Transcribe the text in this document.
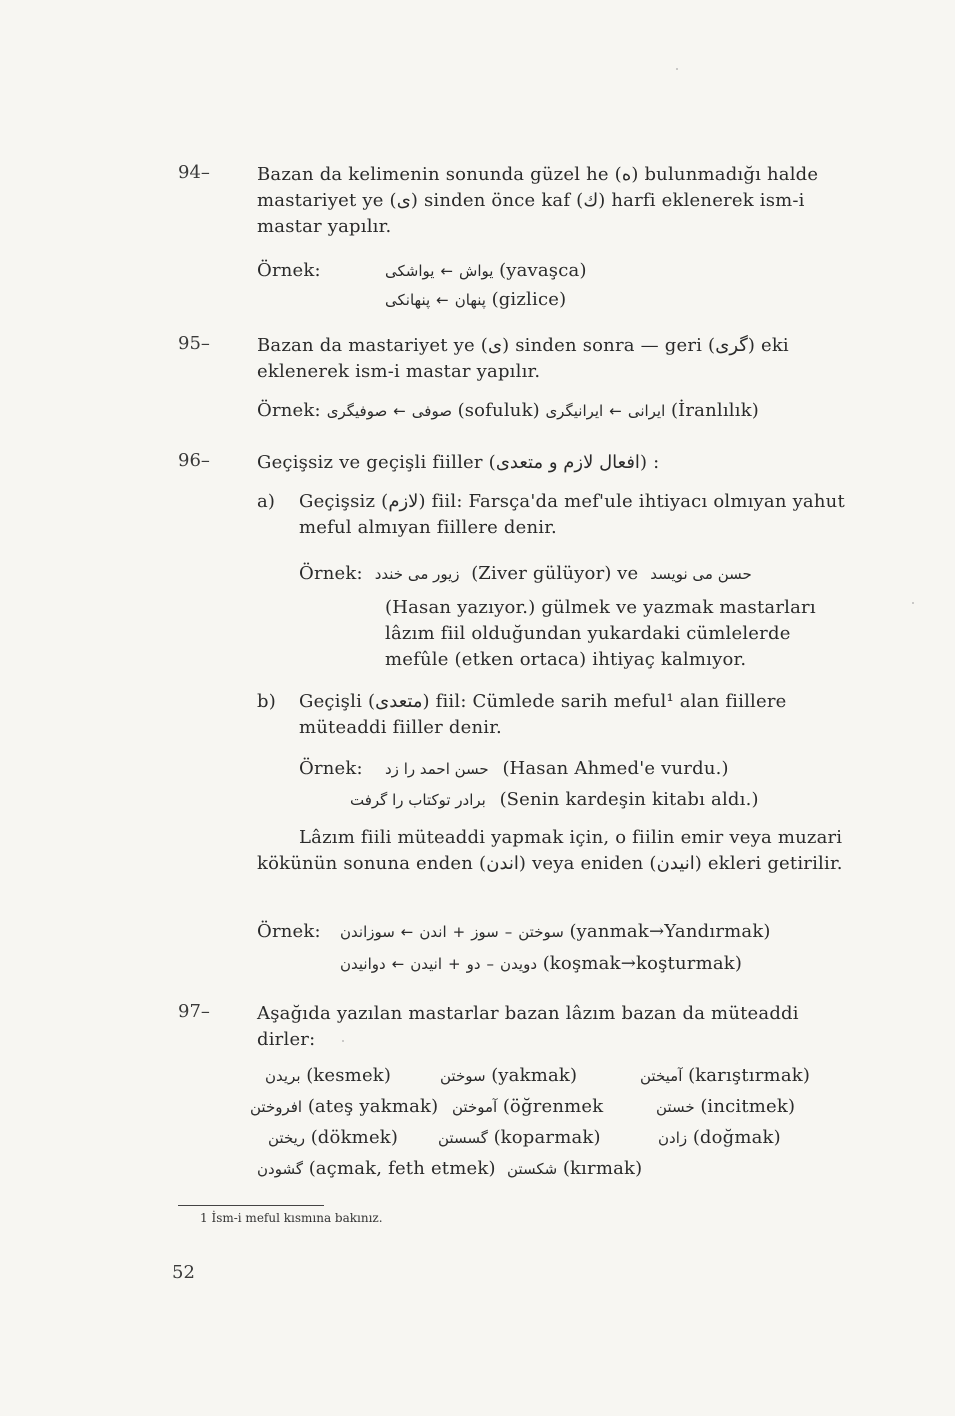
94–	Bazan da kelimenin sonunda güzel he (ه) bulunmadığı halde mastariyet ye (ى) sinden önce kaf (ك) harfi eklenerek ism-i mastar yapılır.
Örnek:	يواشكى ← يواش (yavaşca)
پنهانكى ← پنهان (gizlice)
95–	Bazan da mastariyet ye (ى) sinden sonra — geri (گرى) eki eklenerek ism-i mastar yapılır.
Örnek: صوفيگرى ← صوفى (sofuluk) ايرانيگرى ← ايرانى (İranlılık)
96–	Geçişsiz ve geçişli fiiller (افعال لازم و متعدى) :
a) Geçişsiz (لازم) fiil: Farsça'da mef'ule ihtiyacı olmıyan yahut meful almıyan fiillere denir.
Örnek: زيور مى خندد (Ziver gülüyor) ve حسن مى نويسد
(Hasan yazıyor.) gülmek ve yazmak mastarları lâzım fiil olduğundan yukardaki cümlelerde mefûle (etken ortaca) ihtiyaç kalmıyor.
b) Geçişli (متعدى) fiil: Cümlede sarih meful¹ alan fiillere müteaddi fiiller denir.
Örnek: حسن احمد را زد (Hasan Ahmed'e vurdu.)
برادر توكتاب را گرفت (Senin kardeşin kitabı aldı.)
Lâzım fiili müteaddi yapmak için, o fiilin emir veya muzari kökünün sonuna enden (اندن) veya eniden (انيدن) ekleri getirilir.
Örnek: سوزاندن ← اندن + سوز – سوختن (yanmak→Yandırmak)
دوانيدن ← انيدن + دو – دويدن (koşmak→koşturmak)
97–	Aşağıda yazılan mastarlar bazan lâzım bazan da müteaddi dirler:
بريدن (kesmek)	سوختن (yakmak)	آميختن (karıştırmak)
افروختن (ateş yakmak) آموختن (öğrenmek	خستن (incitmek)
ريختن (dökmek)	گسستن (koparmak)	زادن (doğmak)
گشودن (açmak, feth etmek) شكستن (kırmak)
1 İsm-i meful kısmına bakınız.
52
